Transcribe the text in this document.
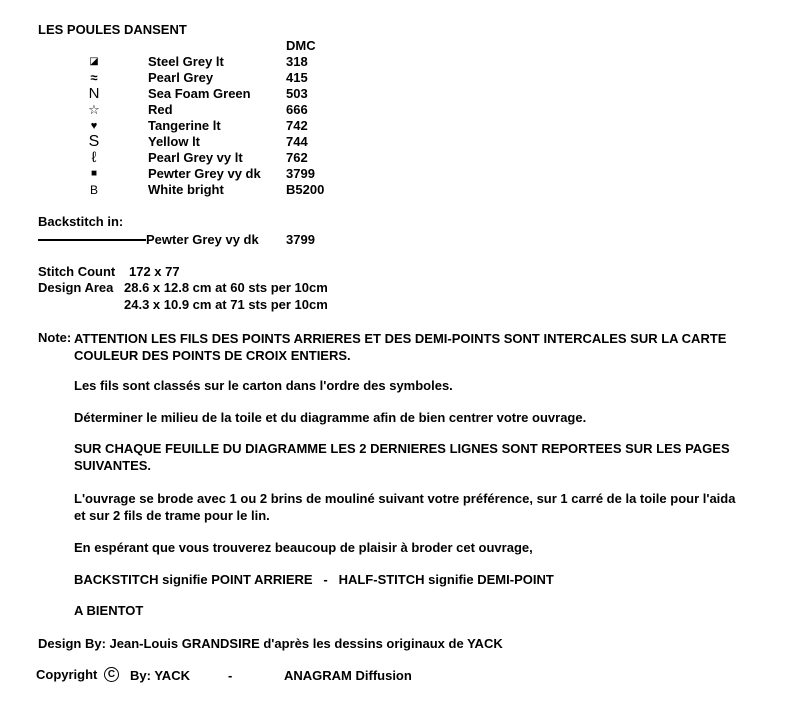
LES POULES DANSENT
DMC
◪	Steel Grey lt	318
≈	Pearl Grey	415
N	Sea Foam Green	503
☆	Red	666
♥	Tangerine lt	742
S	Yellow lt	744
ℓ	Pearl Grey vy lt	762
■	Pewter Grey vy dk 3799
B	White bright	B5200
Backstitch in:
Pewter Grey vy dk 3799
Stitch Count 172 x 77
Design Area 28.6 x 12.8 cm at 60 sts per 10cm
24.3 x 10.9 cm at 71 sts per 10cm
Note: ATTENTION LES FILS DES POINTS ARRIERES ET DES DEMI-POINTS SONT INTERCALES SUR LA CARTE
COULEUR DES POINTS DE CROIX ENTIERS.
Les fils sont classés sur le carton dans l'ordre des symboles.
Déterminer le milieu de la toile et du diagramme afin de bien centrer votre ouvrage.
SUR CHAQUE FEUILLE DU DIAGRAMME LES 2 DERNIERES LIGNES SONT REPORTEES SUR LES PAGES
SUIVANTES.
L'ouvrage se brode avec 1 ou 2 brins de mouliné suivant votre préférence, sur 1 carré de la toile pour l'aida
et sur 2 fils de trame pour le lin.
En espérant que vous trouverez beaucoup de plaisir à broder cet ouvrage,
BACKSTITCH signifie POINT ARRIERE   -   HALF-STITCH signifie DEMI-POINT
A BIENTOT
Design By: Jean-Louis GRANDSIRE d'après les dessins originaux de YACK
Copyright	C By: YACK	-	ANAGRAM Diffusion
